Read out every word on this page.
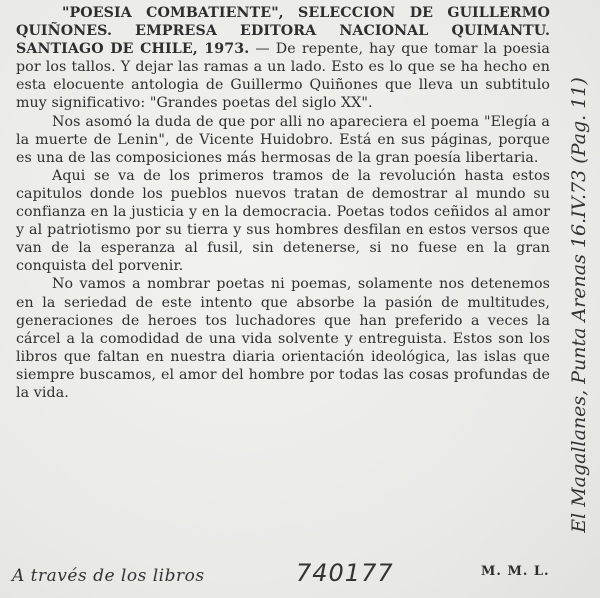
"POESIA COMBATIENTE", SELECCION DE GUILLERMO QUIÑONES. EMPRESA EDITORA NACIONAL QUIMANTU. SANTIAGO DE CHILE, 1973. — De repente, hay que tomar la poesia por los tallos. Y dejar las ramas a un lado. Esto es lo que se ha hecho en esta elocuente antologia de Guillermo Quiñones que lleva un subtitulo muy significativo: "Grandes poetas del siglo XX".

Nos asomó la duda de que por alli no apareciera el poema "Elegía a la muerte de Lenin", de Vicente Huidobro. Está en sus páginas, porque es una de las composiciones más hermosas de la gran poesía libertaria.

Aqui se va de los primeros tramos de la revolución hasta estos capitulos donde los pueblos nuevos tratan de demostrar al mundo su confianza en la justicia y en la democracia. Poetas todos ceñidos al amor y al patriotismo por su tierra y sus hombres desfilan en estos versos que van de la esperanza al fusil, sin detenerse, si no fuese en la gran conquista del porvenir.

No vamos a nombrar poetas ni poemas, solamente nos detenemos en la seriedad de este intento que absorbe la pasión de multitudes, generaciones de heroes tos luchadores que han preferido a veces la cárcel a la comodidad de una vida solvente y entreguista. Estos son los libros que faltan en nuestra diaria orientación ideológica, las islas que siempre buscamos, el amor del hombre por todas las cosas profundas de la vida.

M. M. L.
El Magallanes, Punta Arenas 16.IV.73 (Pag. 11)
A través de los libros	740177
